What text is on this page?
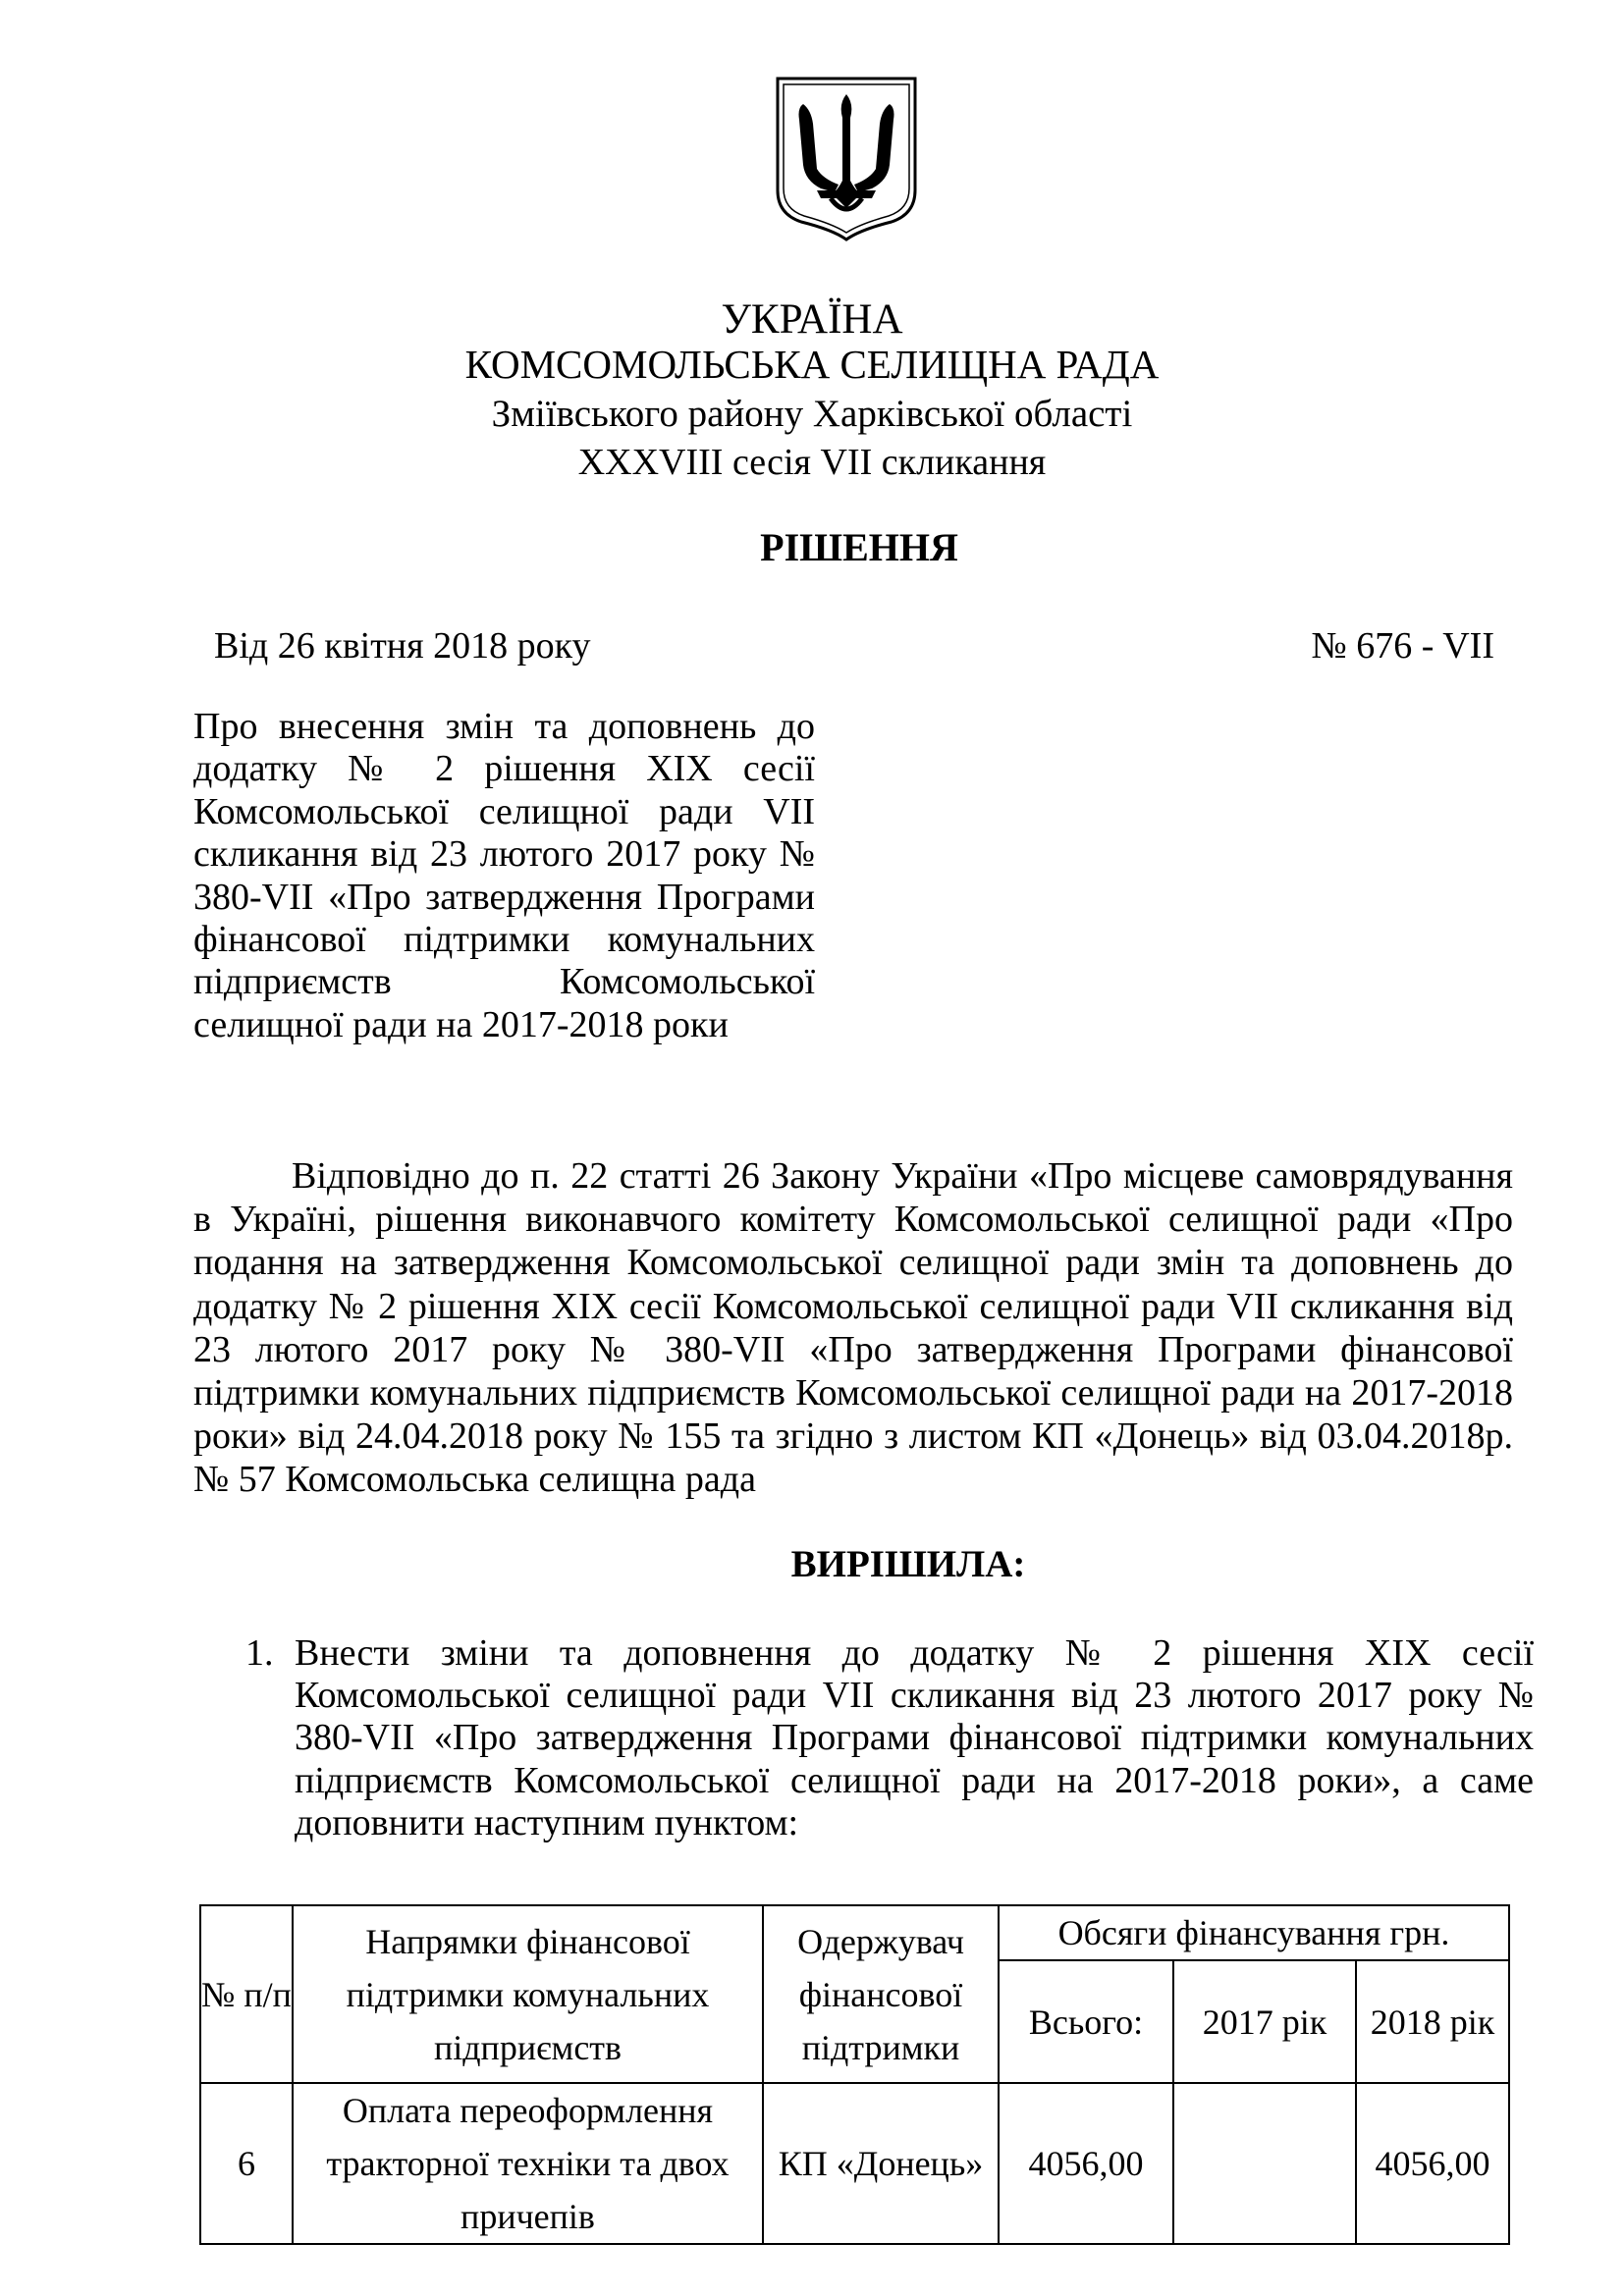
УКРАЇНА
КОМСОМОЛЬСЬКА СЕЛИЩНА РАДА
Зміївського району Харківської області
XXXVIII сесія VII скликання
РІШЕННЯ
Від 26 квітня 2018 року	№ 676 - VII
Про внесення змін та доповнень до додатку № 2 рішення XIX сесії Комсомольської селищної ради VII скликання від 23 лютого 2017 року № 380-VII «Про затвердження Програми фінансової підтримки комунальних підприємств Комсомольської селищної ради на 2017-2018 роки
Відповідно до п. 22 статті 26 Закону України «Про місцеве самоврядування в Україні, рішення виконавчого комітету Комсомольської селищної ради «Про подання на затвердження Комсомольської селищної ради змін та доповнень до додатку № 2 рішення XIX сесії Комсомольської селищної ради VII скликання від 23 лютого 2017 року № 380-VII «Про затвердження Програми фінансової підтримки комунальних підприємств Комсомольської селищної ради на 2017-2018 роки» від 24.04.2018 року № 155 та згідно з листом КП «Донець» від 03.04.2018р. № 57 Комсомольська селищна рада
ВИРІШИЛА:
1. Внести зміни та доповнення до додатку № 2 рішення XIX сесії Комсомольської селищної ради VII скликання від 23 лютого 2017 року № 380-VII «Про затвердження Програми фінансової підтримки комунальних підприємств Комсомольської селищної ради на 2017-2018 роки», а саме доповнити наступним пунктом:
№ п/п	Напрямки фінансової підтримки комунальних підприємств	Одержувач фінансової підтримки	Обсяги фінансування грн.		
			Всього:	2017 рік	2018 рік
6	Оплата переоформлення тракторної техніки та двох причепів	КП «Донець»	4056,00		4056,00
